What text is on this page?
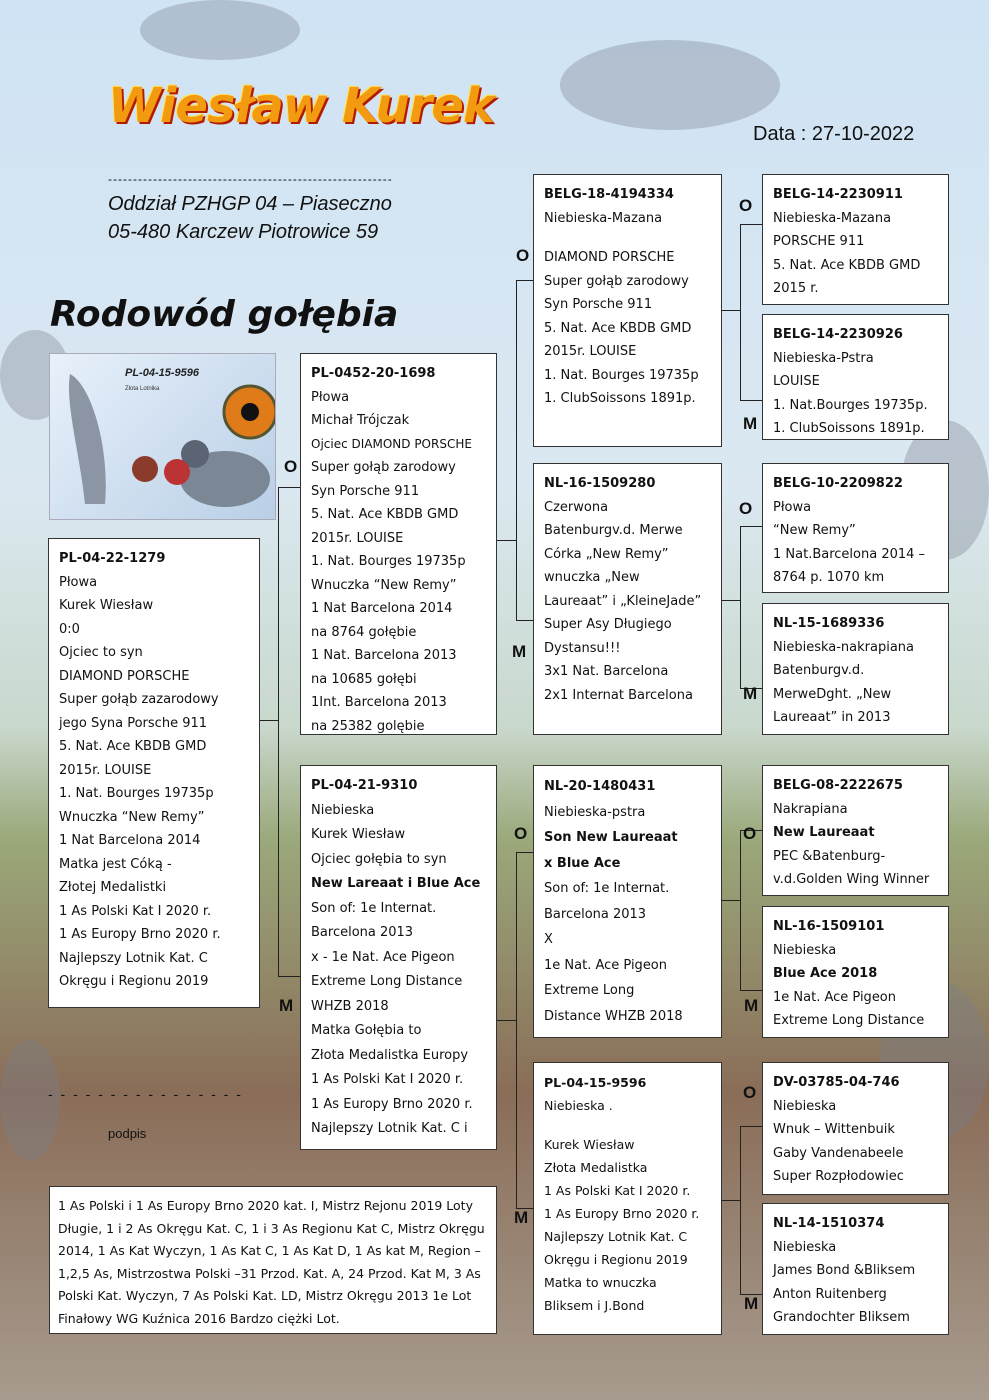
Wiesław Kurek	Data : 27-10-2022
---------------------------------------------------------
Oddział PZHGP 04 – Piaseczno
05-480 Karczew Piotrowice 59
Rodowód gołębia
PL-04-15-9596
Złota Lotnika
O
M
O
M
O
M
O
M
O
M
O
M
O
M
PL-04-22-1279
Płowa
Kurek Wiesław
0:0
Ojciec to syn
DIAMOND PORSCHE
Super gołąb zazarodowy
jego Syna Porsche 911
5. Nat. Ace KBDB GMD
2015r. LOUISE
1. Nat. Bourges 19735p
Wnuczka “New Remy”
1 Nat Barcelona 2014
Matka jest Cóką -
Złotej Medalistki
1 As Polski Kat I 2020 r.
1 As Europy Brno 2020 r.
Najlepszy Lotnik Kat. C
Okręgu i Regionu 2019
PL-0452-20-1698
Płowa
Michał Trójczak
Ojciec DIAMOND PORSCHE
Super gołąb zarodowy
Syn Porsche 911
5. Nat. Ace KBDB GMD
2015r. LOUISE
1. Nat. Bourges 19735p
Wnuczka “New Remy”
1 Nat Barcelona 2014
na 8764 gołębie
1 Nat. Barcelona 2013
na 10685 gołębi
1Int. Barcelona 2013
na 25382 golębie
PL-04-21-9310
Niebieska
Kurek Wiesław
Ojciec gołębia to syn
New Lareaat i Blue Ace
Son of: 1e Internat.
Barcelona 2013
x - 1e Nat. Ace Pigeon
Extreme Long Distance
WHZB 2018
Matka Gołębia to
Złota Medalistka Europy
1 As Polski Kat I 2020 r.
1 As Europy Brno 2020 r.
Najlepszy Lotnik Kat. C i
BELG-18-4194334
Niebieska-Mazana
DIAMOND PORSCHE
Super gołąb zarodowy
Syn Porsche 911
5. Nat. Ace KBDB GMD
2015r. LOUISE
1. Nat. Bourges 19735p
1. ClubSoissons 1891p.
NL-16-1509280
Czerwona
Batenburgv.d. Merwe
Córka „New Remy”
wnuczka „New
Laureaat” i „KleineJade”
Super Asy Długiego
Dystansu!!!
3x1 Nat. Barcelona
2x1 Internat Barcelona
NL-20-1480431
Niebieska-pstra
Son New Laureaat
x Blue Ace
Son of: 1e Internat.
Barcelona 2013
X
1e Nat. Ace Pigeon
Extreme Long
Distance WHZB 2018
PL-04-15-9596
Niebieska .
Kurek Wiesław
Złota Medalistka
1 As Polski Kat I 2020 r.
1 As Europy Brno 2020 r.
Najlepszy Lotnik Kat. C
Okręgu i Regionu 2019
Matka to wnuczka
Bliksem i J.Bond
BELG-14-2230911
Niebieska-Mazana
PORSCHE 911
5. Nat. Ace KBDB GMD
2015 r.
BELG-14-2230926
Niebieska-Pstra
LOUISE
1. Nat.Bourges 19735p.
1. ClubSoissons 1891p.
BELG-10-2209822
Płowa
“New Remy”
1 Nat.Barcelona 2014 –
8764 p. 1070 km
NL-15-1689336
Niebieska-nakrapiana
Batenburgv.d.
MerweDght. „New
Laureaat” in 2013
BELG-08-2222675
Nakrapiana
New Laureaat
PEC &Batenburg-
v.d.Golden Wing Winner
NL-16-1509101
Niebieska
Blue Ace 2018
1e Nat. Ace Pigeon
Extreme Long Distance
DV-03785-04-746
Niebieska
Wnuk – Wittenbuik
Gaby Vandenabeele
Super Rozpłodowiec
NL-14-1510374
Niebieska
James Bond &Bliksem
Anton Ruitenberg
Grandochter Bliksem
- - - - - - - - - - - - - - - -
podpis
1 As Polski i 1 As Europy Brno 2020 kat. I, Mistrz Rejonu 2019 Loty Długie, 1 i 2 As Okręgu Kat. C, 1 i 3 As Regionu Kat C, Mistrz Okręgu 2014, 1 As Kat Wyczyn, 1 As Kat C, 1 As Kat D, 1 As kat M, Region – 1,2,5 As, Mistrzostwa Polski –31 Przod. Kat. A, 24 Przod. Kat M, 3 As Polski Kat. Wyczyn, 7 As Polski Kat. LD, Mistrz Okręgu 2013 1e Lot Finałowy WG Kuźnica 2016 Bardzo ciężki Lot.
